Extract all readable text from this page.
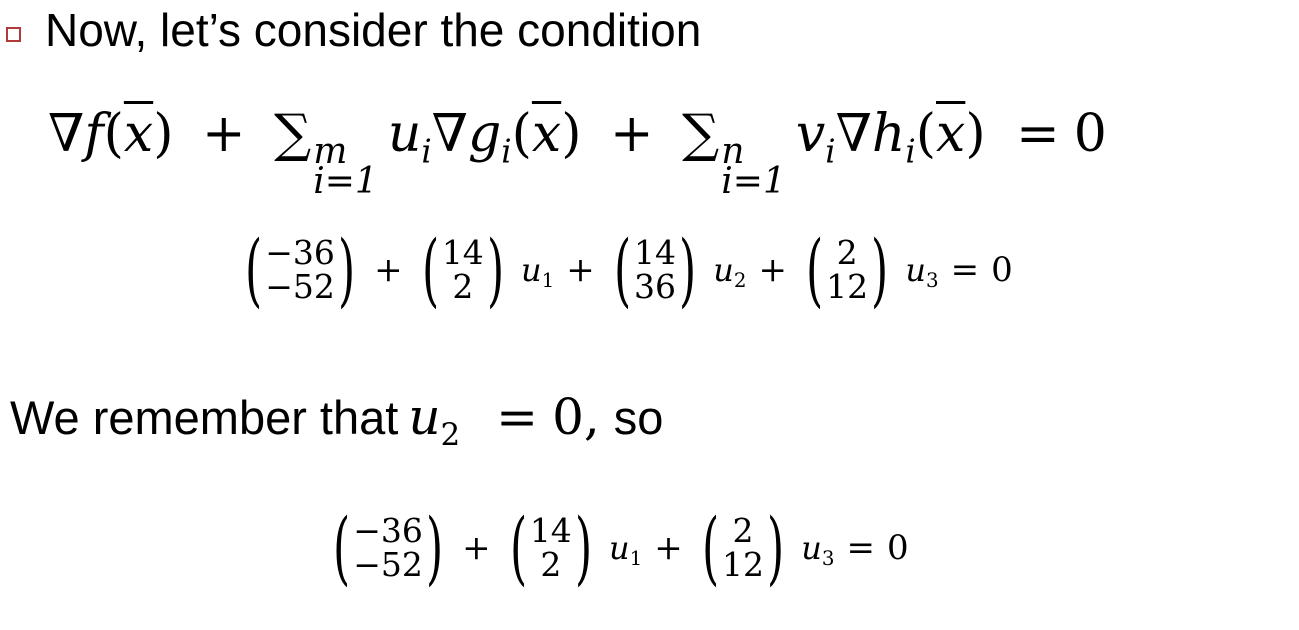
Now, let’s consider the condition
$\nabla f(\overline{x})$ + ∑ m
i=1
$u_i\nabla g_i(\overline{x})$ + ∑ n
i=1
$v_i\nabla h_i(\overline{x}) = 0$
( −36
−52 ) + ( 14
2 ) u1 + ( 14
36 ) u2 + ( 2
12 ) u3 = 0
We remember that $u_2 = 0$, so
( −36
−52 ) + ( 14
2 ) u1 + ( 2
12 ) u3 = 0
